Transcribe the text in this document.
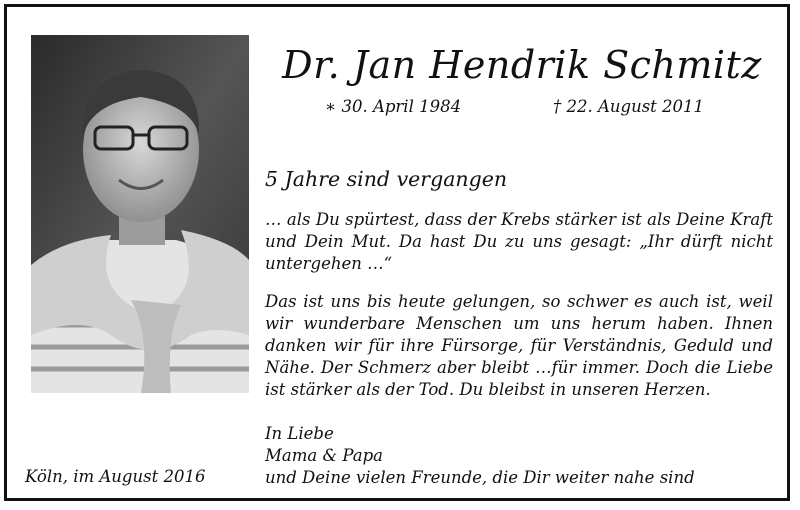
Dr. Jan Hendrik Schmitz
∗ 30. April 1984	† 22. August 2011
5 Jahre sind vergangen

… als Du spürtest, dass der Krebs stärker ist als Deine Kraft und Dein Mut. Da hast Du zu uns gesagt: „Ihr dürft nicht untergehen …“

Das ist uns bis heute gelungen, so schwer es auch ist, weil wir wunderbare Menschen um uns herum haben. Ihnen danken wir für ihre Fürsorge, für Verständnis, Geduld und Nähe. Der Schmerz aber bleibt …für immer. Doch die Liebe ist stärker als der Tod. Du bleibst in unseren Herzen.

In Liebe
Mama & Papa
und Deine vielen Freunde, die Dir weiter nahe sind
Köln, im August 2016
